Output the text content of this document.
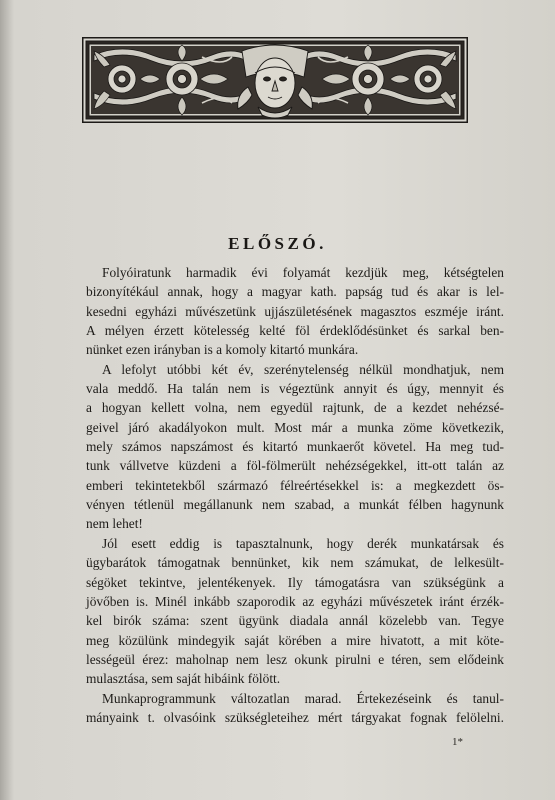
ELŐSZÓ.
Folyóiratunk harmadik évi folyamát kezdjük meg, kétségtelen
bizonyítékául annak, hogy a magyar kath. papság tud és akar is lel-
kesedni egyházi művészetünk ujjászületésének magasztos eszméje iránt.
A mélyen érzett kötelesség kelté föl érdeklődésünket és sarkal ben-
nünket ezen irányban is a komoly kitartó munkára.
A lefolyt utóbbi két év, szerénytelenség nélkül mondhatjuk, nem
vala meddő. Ha talán nem is végeztünk annyit és úgy, mennyit és
a hogyan kellett volna, nem egyedül rajtunk, de a kezdet nehézsé-
geivel járó akadályokon mult. Most már a munka zöme következik,
mely számos napszámost és kitartó munkaerőt követel. Ha meg tud-
tunk vállvetve küzdeni a föl-fölmerült nehézségekkel, itt-ott talán az
emberi tekintetekből származó félreértésekkel is: a megkezdett ös-
vényen tétlenül megállanunk nem szabad, a munkát félben hagynunk
nem lehet!
Jól esett eddig is tapasztalnunk, hogy derék munkatársak és
ügybarátok támogatnak bennünket, kik nem számukat, de lelkesült-
ségöket tekintve, jelentékenyek. Ily támogatásra van szükségünk a
jövőben is. Minél inkább szaporodik az egyházi művészetek iránt érzék-
kel birók száma: szent ügyünk diadala annál közelebb van. Tegye
meg közülünk mindegyik saját körében a mire hivatott, a mit köte-
lességeül érez: maholnap nem lesz okunk pirulni e téren, sem elődeink
mulasztása, sem saját hibáink fölött.
Munkaprogrammunk változatlan marad. Értekezéseink és tanul-
mányaink t. olvasóink szükségleteihez mért tárgyakat fognak felölelni.
1*
